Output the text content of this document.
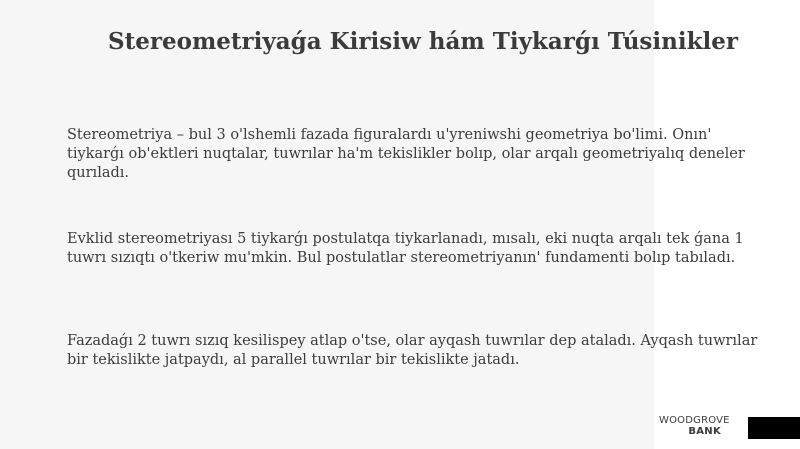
Stereometriyaǵa Kirisiw hám Tiykarǵı Túsinikler

Stereometriya – bul 3 o'lshemli fazada figuralardı u'yreniwshi geometriya bo'limi. Onın' tiykarǵı ob'ektleri nuqtalar, tuwrılar ha'm tekislikler bolıp, olar arqalı geometriyalıq deneler qurıladı.

Evklid stereometriyası 5 tiykarǵı postulatqa tiykarlanadı, mısalı, eki nuqta arqalı tek ǵana 1 tuwrı sızıqtı o'tkeriw mu'mkin. Bul postulatlar stereometriyanın' fundamenti bolıp tabıladı.

Fazadaǵı 2 tuwrı sızıq kesilispey atlap o'tse, olar ayqash tuwrılar dep ataladı. Ayqash tuwrılar bir tekislikte jatpaydı, al parallel tuwrılar bir tekislikte jatadı.

WOODGROVE
BANK
